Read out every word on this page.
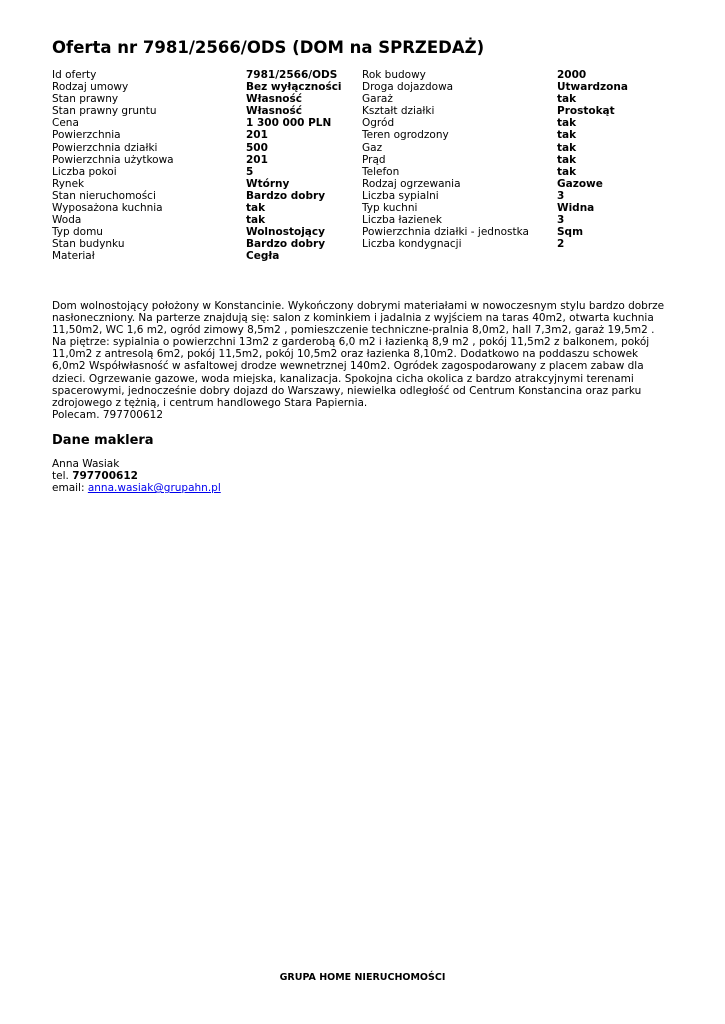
Oferta nr 7981/2566/ODS (DOM na SPRZEDAŻ)
Id oferty	7981/2566/ODS
Rodzaj umowy	Bez wyłączności
Stan prawny	Własność
Stan prawny gruntu	Własność
Cena	1 300 000 PLN
Powierzchnia	201
Powierzchnia działki	500
Powierzchnia użytkowa	201
Liczba pokoi	5
Rynek	Wtórny
Stan nieruchomości	Bardzo dobry
Wyposażona kuchnia	tak
Woda	tak
Typ domu	Wolnostojący
Stan budynku	Bardzo dobry
Materiał	Cegła
Rok budowy	2000
Droga dojazdowa	Utwardzona
Garaż	tak
Kształt działki	Prostokąt
Ogród	tak
Teren ogrodzony	tak
Gaz	tak
Prąd	tak
Telefon	tak
Rodzaj ogrzewania	Gazowe
Liczba sypialni	3
Typ kuchni	Widna
Liczba łazienek	3
Powierzchnia działki - jednostka	Sqm
Liczba kondygnacji	2

Dom wolnostojący położony w Konstancinie. Wykończony dobrymi materiałami w nowoczesnym stylu bardzo dobrze nasłoneczniony. Na parterze znajdują się: salon z kominkiem i jadalnia z wyjściem na taras 40m2, otwarta kuchnia 11,50m2, WC 1,6 m2, ogród zimowy 8,5m2 , pomieszczenie techniczne-pralnia 8,0m2, hall 7,3m2, garaż 19,5m2 .

Na piętrze: sypialnia o powierzchni 13m2 z garderobą 6,0 m2 i łazienką 8,9 m2 , pokój 11,5m2 z balkonem, pokój 11,0m2 z antresolą 6m2, pokój 11,5m2, pokój 10,5m2 oraz łazienka 8,10m2. Dodatkowo na poddaszu schowek 6,0m2 Współwłasność w asfaltowej drodze wewnetrznej 140m2. Ogródek zagospodarowany z placem zabaw dla dzieci. Ogrzewanie gazowe, woda miejska, kanalizacja. Spokojna cicha okolica z bardzo atrakcyjnymi terenami spacerowymi, jednocześnie dobry dojazd do Warszawy, niewielka odległość od Centrum Konstancina oraz parku zdrojowego z tężnią, i centrum handlowego Stara Papiernia.

Polecam. 797700612

Dane maklera
Anna Wasiak
tel. 797700612
email: anna.wasiak@grupahn.pl
GRUPA HOME NIERUCHOMOŚCI
